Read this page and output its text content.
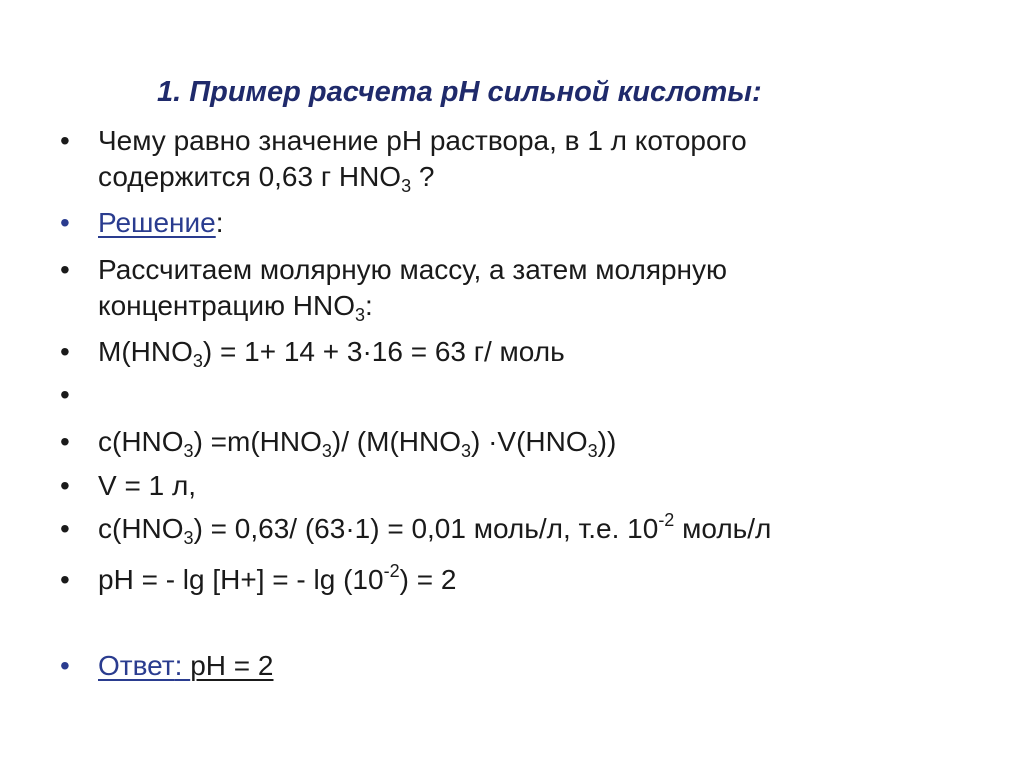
1. Пример расчета рН сильной кислоты:
• Чему равно значение рН раствора, в 1 л которого
содержится 0,63 г $HNO_3$ ?
• Решение:
• Рассчитаем молярную массу, а затем молярную
концентрацию $HNO_3$:
• $М(HNO_3) = 1+ 14 + 3\cdot 16 = 63$ г/ моль
•
• $с(HNO_3) =m(HNO_3)/$ $(M(HNO_3) \cdot V(HNO_3))$
• V = 1 л,
• $с(HNO_3) = 0,63/$ (63·1) = 0,01 моль/л, т.е. $10^{-2}$ моль/л
• рН = - lg [H+] = - $\lg (10^{-2}) = 2$
• Ответ: рН = 2
